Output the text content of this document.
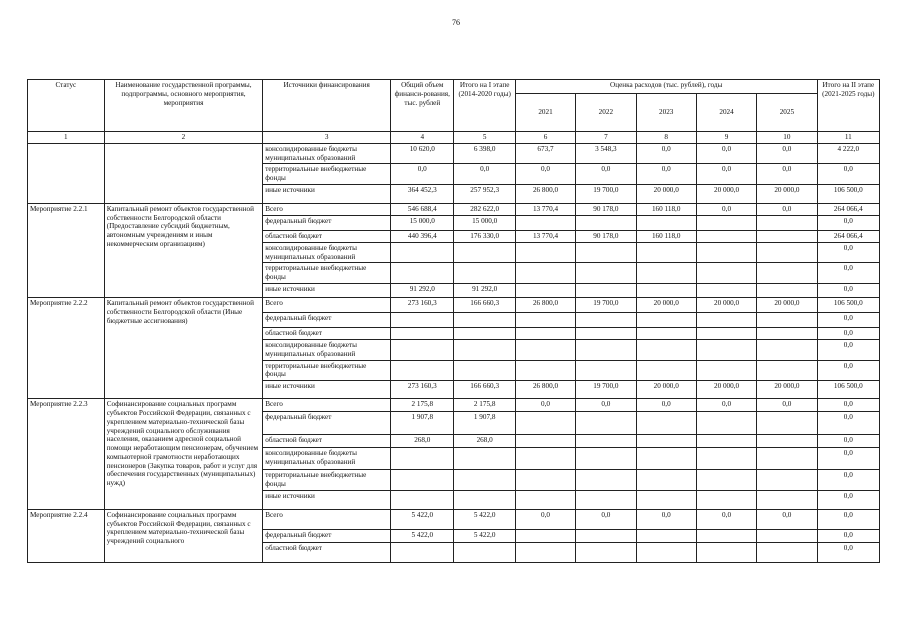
76
Статус	Наименование государственной программы, подпрограммы, основного мероприятия, мероприятия	Источники финансирования	Общий объем финанси-рования, тыс. рублей	Итого на I этапе (2014-2020 годы)	Оценка расходов (тыс. рублей), годы					Итого на II этапе (2021-2025 годы)
					2021	2022	2023	2024	2025	
1	2	3	4	5	6	7	8	9	10	11
		консолидированные бюджеты муниципальных образований	10 620,0	6 398,0	673,7	3 548,3	0,0	0,0	0,0	4 222,0
		территориальные внебюджетные фонды	0,0	0,0	0,0	0,0	0,0	0,0	0,0	0,0
		иные источники	364 452,3	257 952,3	26 800,0	19 700,0	20 000,0	20 000,0	20 000,0	106 500,0
Мероприятие 2.2.1	Капитальный ремонт объектов государственной собственности Белгородской области (Предоставление субсидий бюджетным, автономным учреждениям и иным некоммерческим организациям)	Всего	546 688,4	282 622,0	13 770,4	90 178,0	160 118,0	0,0	0,0	264 066,4
		федеральный бюджет	15 000,0	15 000,0						0,0
		областной бюджет	440 396,4	176 330,0	13 770,4	90 178,0	160 118,0			264 066,4
		консолидированные бюджеты муниципальных образований								0,0
		территориальные внебюджетные фонды								0,0
		иные источники	91 292,0	91 292,0						0,0
Мероприятие 2.2.2	Капитальный ремонт объектов государственной собственности Белгородской области (Иные бюджетные ассигнования)	Всего	273 160,3	166 660,3	26 800,0	19 700,0	20 000,0	20 000,0	20 000,0	106 500,0
		федеральный бюджет								0,0
		областной бюджет								0,0
		консолидированные бюджеты муниципальных образований								0,0
		территориальные внебюджетные фонды								0,0
		иные источники	273 160,3	166 660,3	26 800,0	19 700,0	20 000,0	20 000,0	20 000,0	106 500,0
Мероприятие 2.2.3	Софинансирование социальных программ субъектов Российской Федерации, связанных с укреплением материально-технической базы учреждений социального обслуживания населения, оказанием адресной социальной помощи неработающим пенсионерам, обучением компьютерной грамотности неработающих пенсионеров (Закупка товаров, работ и услуг для обеспечения государственных (муниципальных) нужд)	Всего	2 175,8	2 175,8	0,0	0,0	0,0	0,0	0,0	0,0
		федеральный бюджет	1 907,8	1 907,8						0,0
		областной бюджет	268,0	268,0						0,0
		консолидированные бюджеты муниципальных образований								0,0
		территориальные внебюджетные фонды								0,0
		иные источники								0,0
Мероприятие 2.2.4	Софинансирование социальных программ субъектов Российской Федерации, связанных с укреплением материально-технической базы учреждений социального	Всего	5 422,0	5 422,0	0,0	0,0	0,0	0,0	0,0	0,0
		федеральный бюджет	5 422,0	5 422,0						0,0
		областной бюджет								0,0
